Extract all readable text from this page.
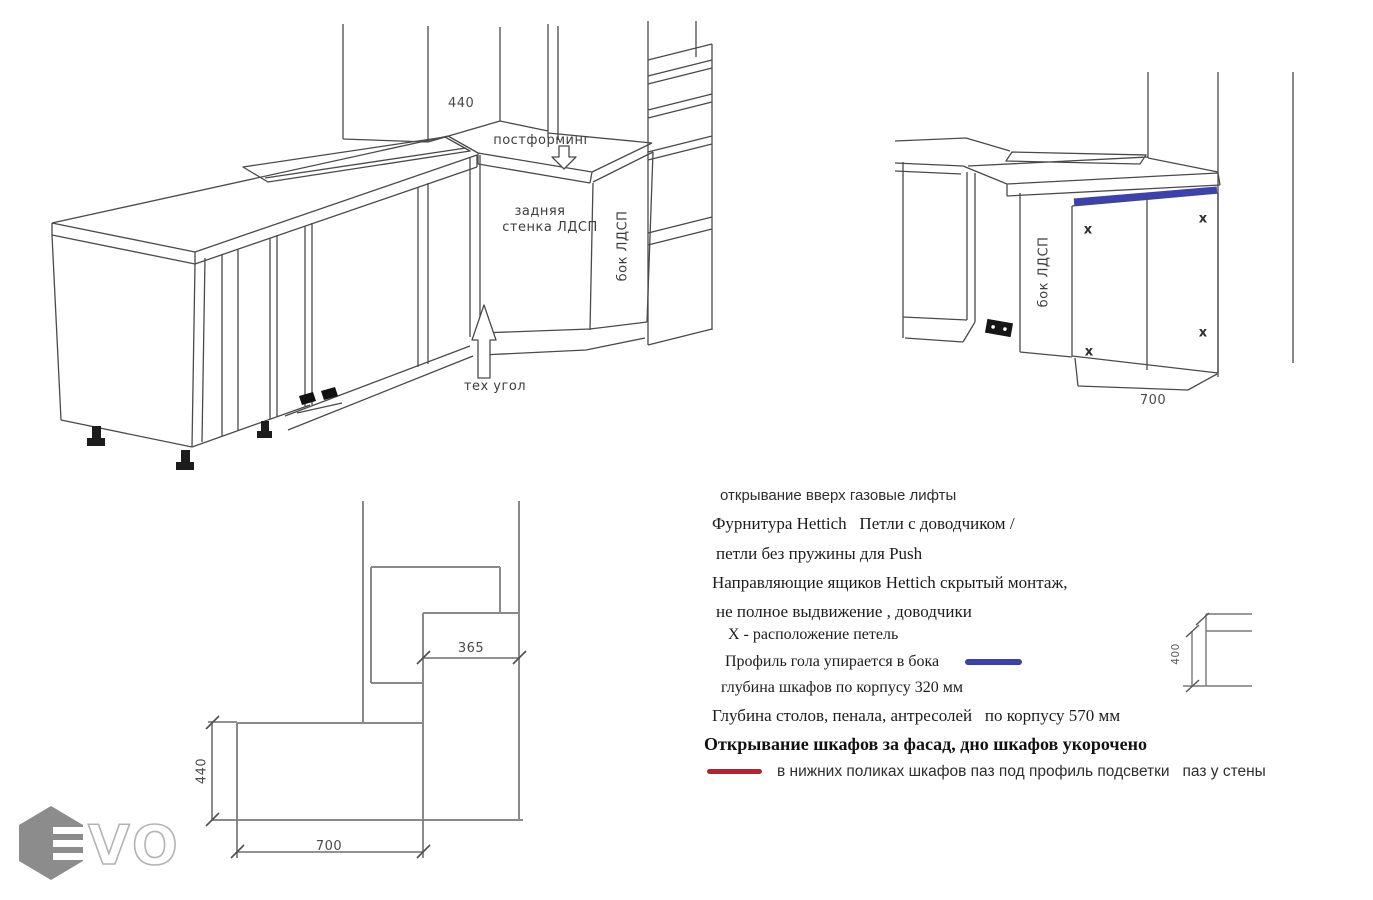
VO
440
постформинг
задняя
стенка ЛДСП бок ЛДСП
тех угол
бок ЛДСП
700
x
x
x
x
365
440
700
400
открывание вверх газовые лифты
Фурнитура Hettich   Петли с доводчиком /
петли без пружины для Push
Направляющие ящиков Hettich скрытый монтаж,
не полное выдвижение , доводчики
Х - расположение петель
Профиль гола упирается в бока
глубина шкафов по корпусу 320 мм
Глубина столов, пенала, антресолей   по корпусу 570 мм
Открывание шкафов за фасад, дно шкафов укорочено
в нижних поликах шкафов паз под профиль подсветки   паз у стены
